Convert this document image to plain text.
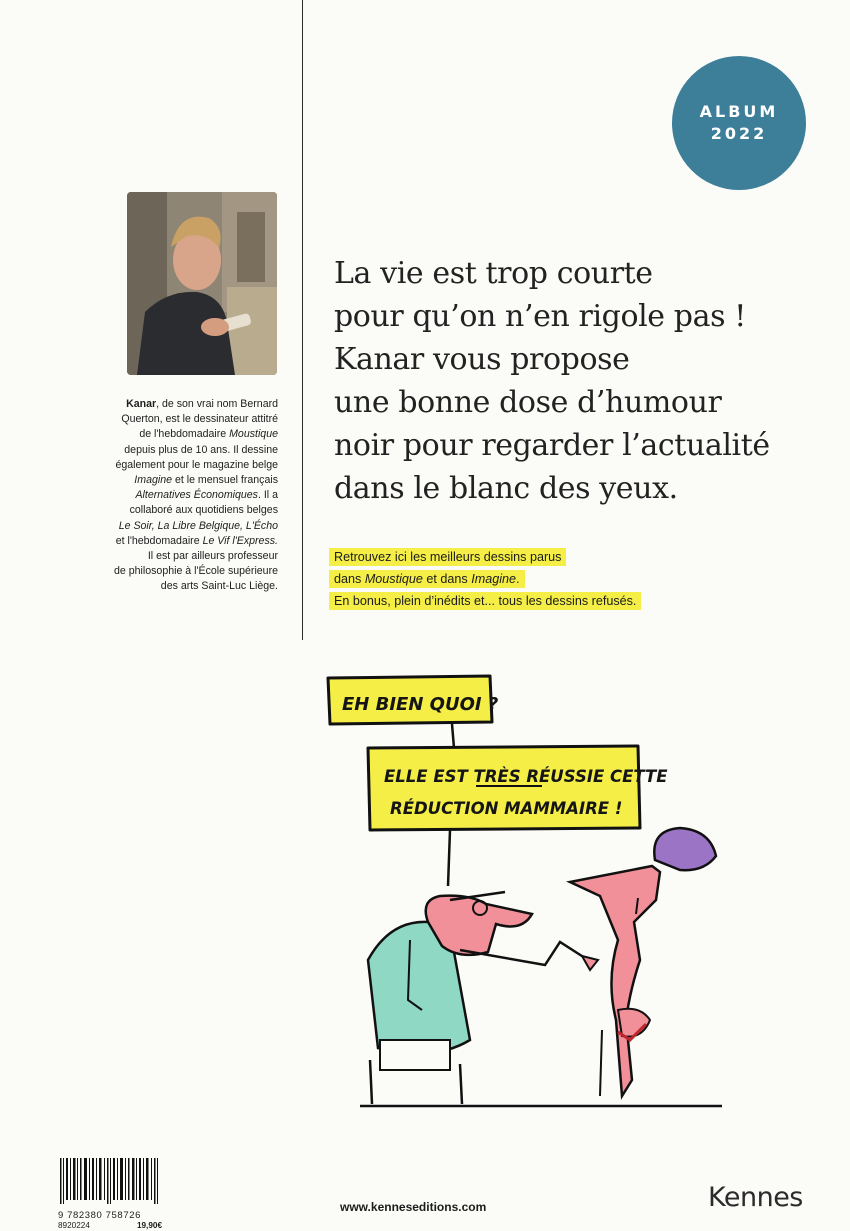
ALBUM
2022

Kanar, de son vrai nom Bernard

Querton, est le dessinateur attitré

de l'hebdomadaire Moustique

depuis plus de 10 ans. Il dessine

également pour le magazine belge

Imagine et le mensuel français

Alternatives Économiques. Il a

collaboré aux quotidiens belges

Le Soir, La Libre Belgique, L'Écho

et l'hebdomadaire Le Vif l'Express.

Il est par ailleurs professeur

de philosophie à l'École supérieure

des arts Saint-Luc Liège.

La vie est trop courte
pour qu’on n’en rigole pas !
Kanar vous propose
une bonne dose d’humour
noir pour regarder l’actualité
dans le blanc des yeux.
Retrouvez ici les meilleurs dessins parus
dans Moustique et dans Imagine.
En bonus, plein d’inédits et... tous les dessins refusés.
EH BIEN QUOI ?
ELLE EST TRÈS RÉUSSIE CETTE
RÉDUCTION MAMMAIRE !
9 782380 758726
8920224	19,90€
www.kenneseditions.com	Kennes
